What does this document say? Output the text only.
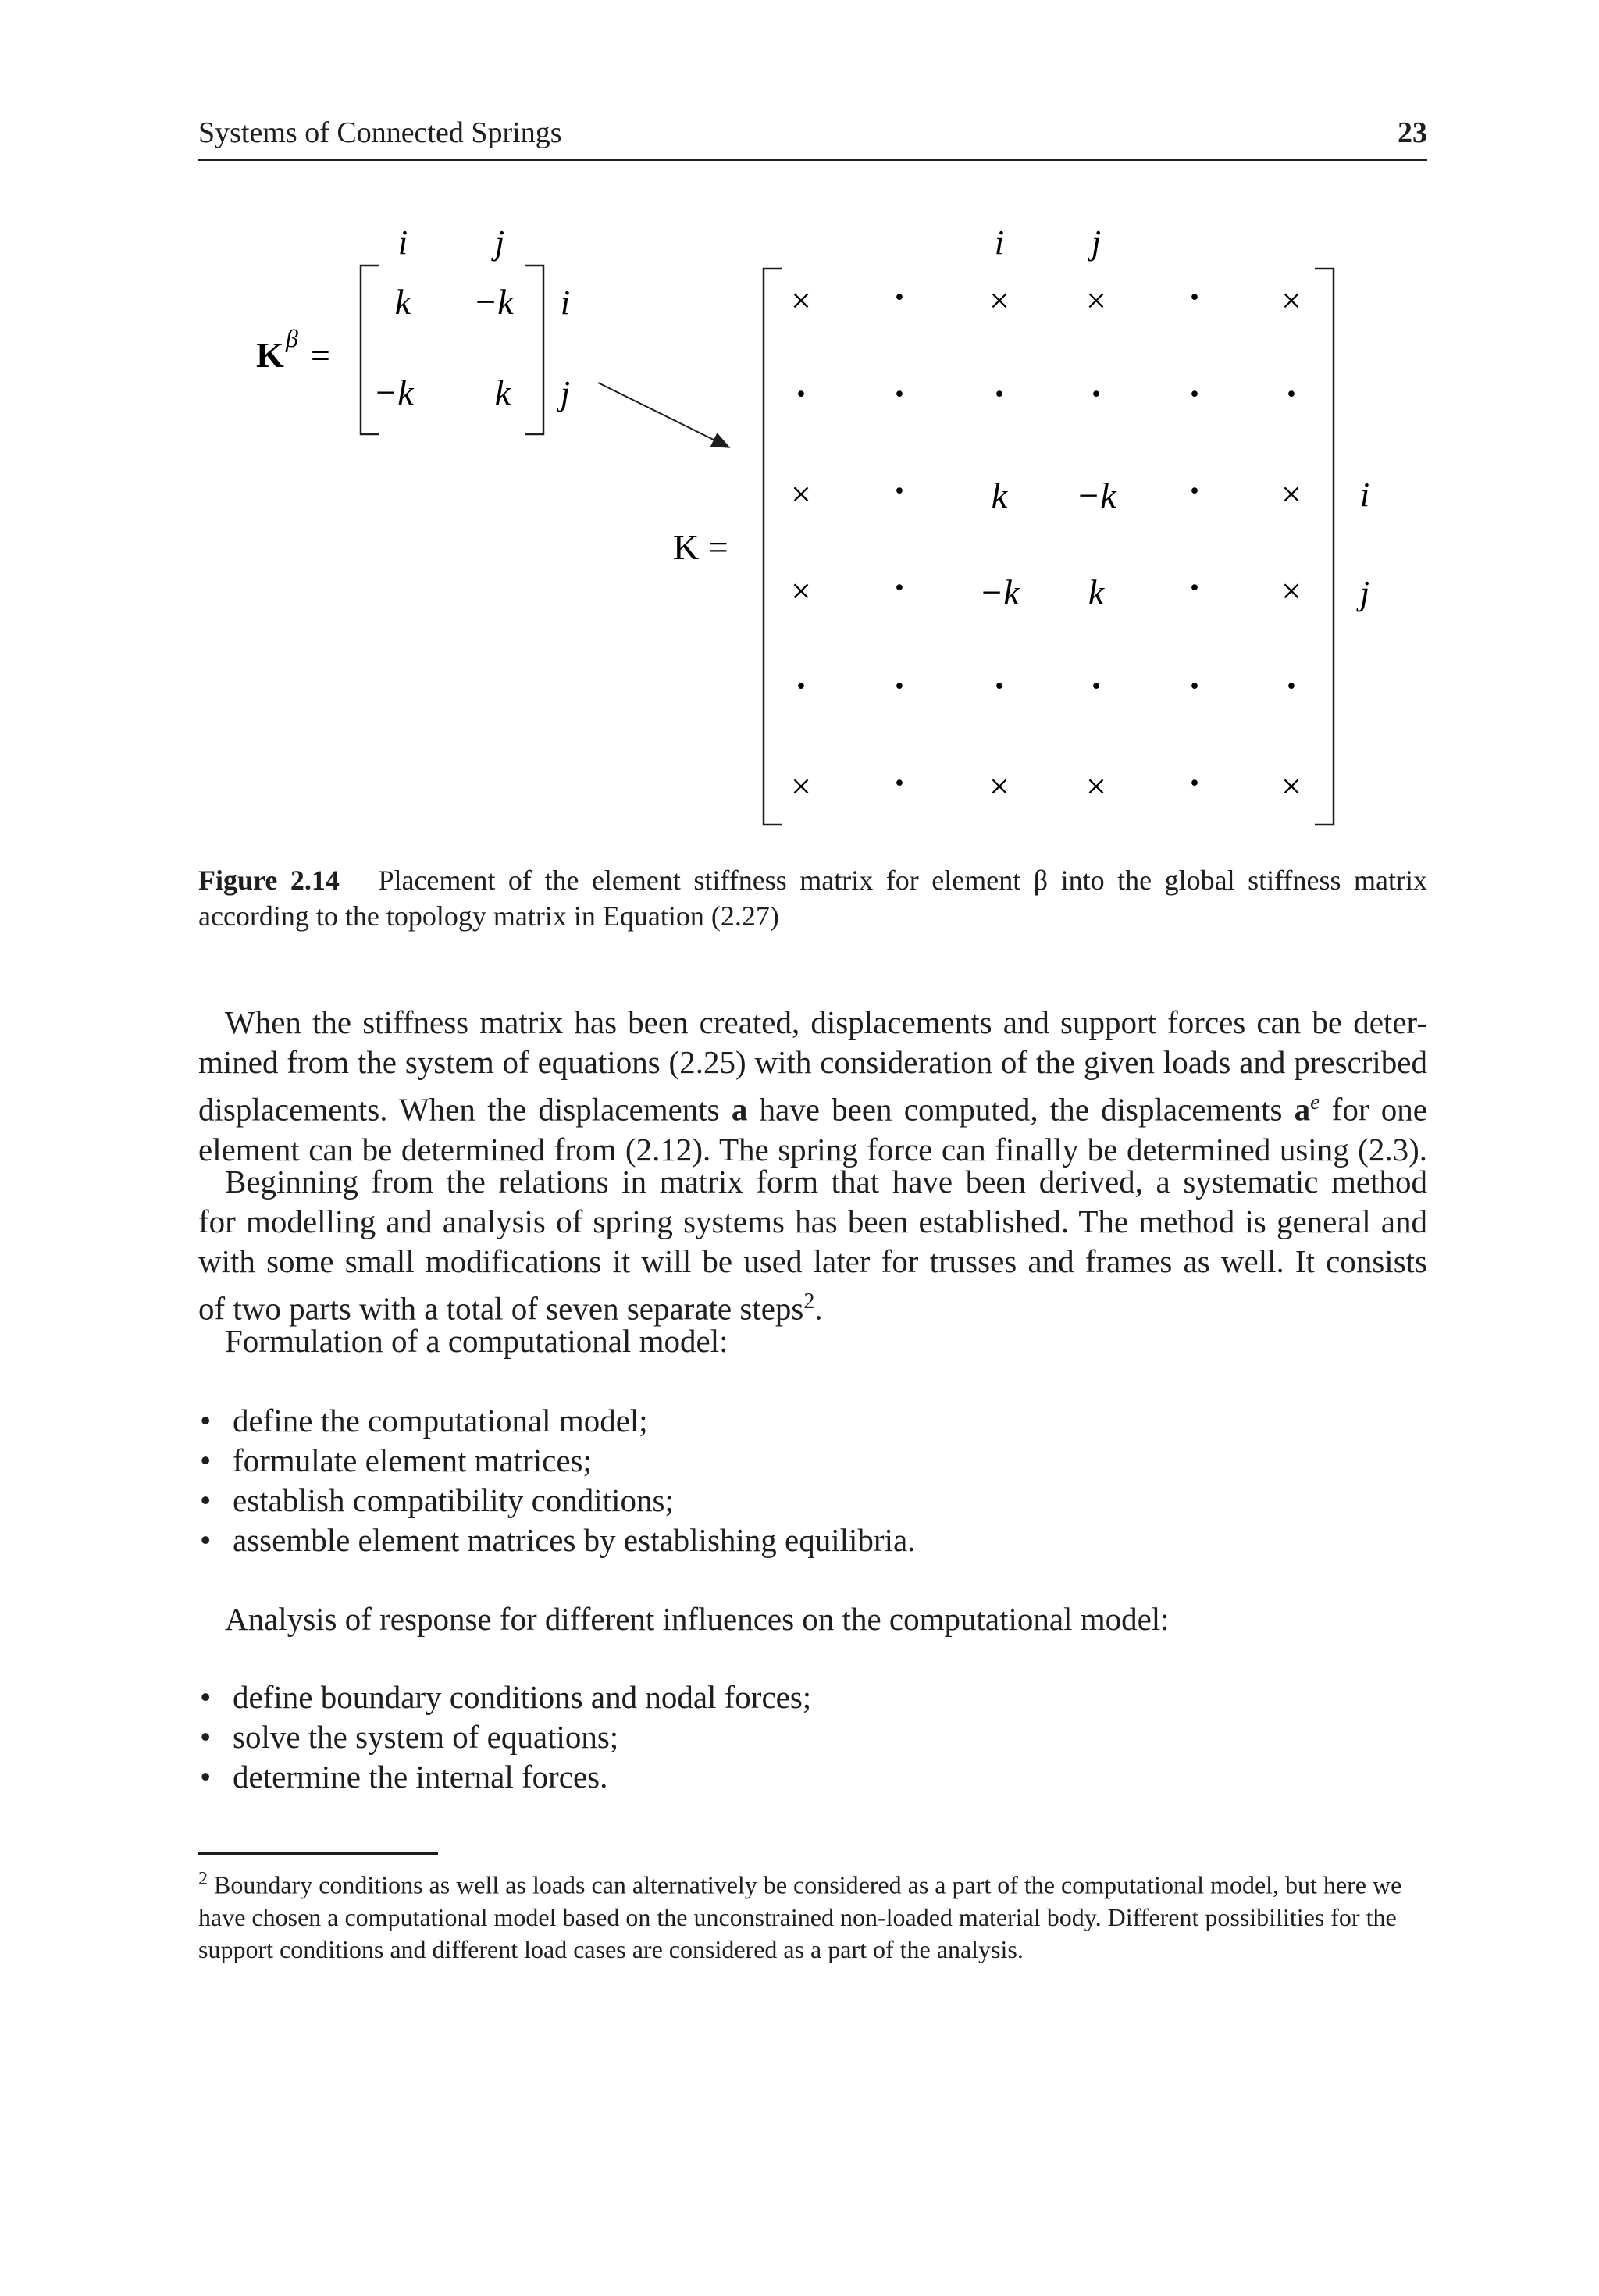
Systems of Connected Springs	23
K β =
i	j
k −k
−k k
i
j
K =
i	j
× · × × · ×
· · · · · ·
× · k −k · ×
× · −k k · ×
· · · · · ·
× · × × · ×
i
j
Figure 2.14 Placement of the element stiffness matrix for element β into the global stiffness matrix according to the topology matrix in Equation (2.27)
When the stiffness matrix has been created, displacements and support forces can be deter-
mined from the system of equations (2.25) with consideration of the given loads and prescribed
displacements. When the displacements a have been computed, the displacements $a^e$ for one
element can be determined from (2.12). The spring force can finally be determined using (2.3).
Beginning from the relations in matrix form that have been derived, a systematic method
for modelling and analysis of spring systems has been established. The method is general and
with some small modifications it will be used later for trusses and frames as well. It consists
of two parts with a total of seven separate steps$^2$.
Formulation of a computational model:
• define the computational model;
• formulate element matrices;
• establish compatibility conditions;
• assemble element matrices by establishing equilibria.
Analysis of response for different influences on the computational model:
• define boundary conditions and nodal forces;
• solve the system of equations;
• determine the internal forces.
$^2$ Boundary conditions as well as loads can alternatively be considered as a part of the computational model, but here we have chosen a computational model based on the unconstrained non-loaded material body. Different possibilities for the support conditions and different load cases are considered as a part of the analysis.
